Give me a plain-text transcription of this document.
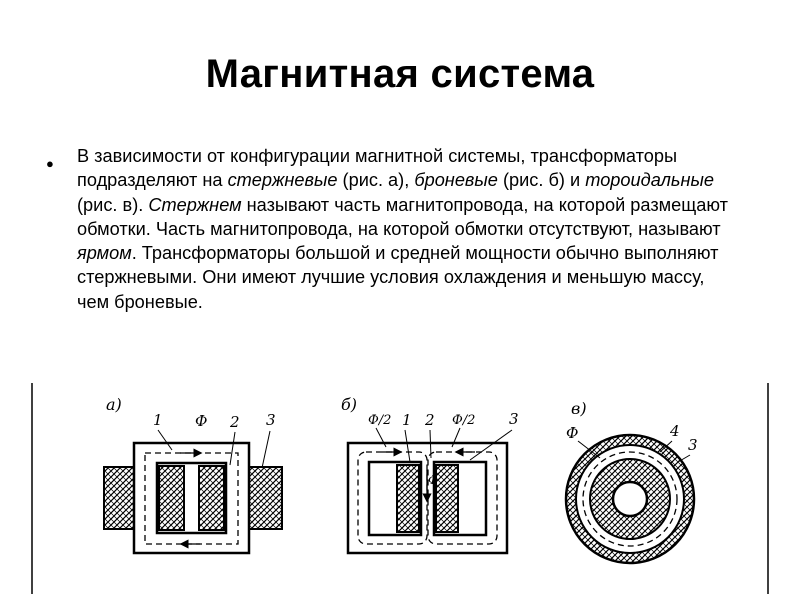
Магнитная система
● В зависимости от конфигурации магнитной системы, трансформаторы подразделяют на стержневые (рис. а), броневые (рис. б) и тороидальные (рис. в). Стержнем называют часть магнитопровода, на которой размещают обмотки. Часть магнитопровода, на которой обмотки отсутствуют, называют ярмом. Трансформаторы большой и средней мощности обычно выполняют стержневыми. Они имеют лучшие условия охлаждения и меньшую массу, чем броневые.
а)
1 Ф 2 3
б)
Ф/2 1 2 Ф/2 3
Ф
в)
Ф	4
3
